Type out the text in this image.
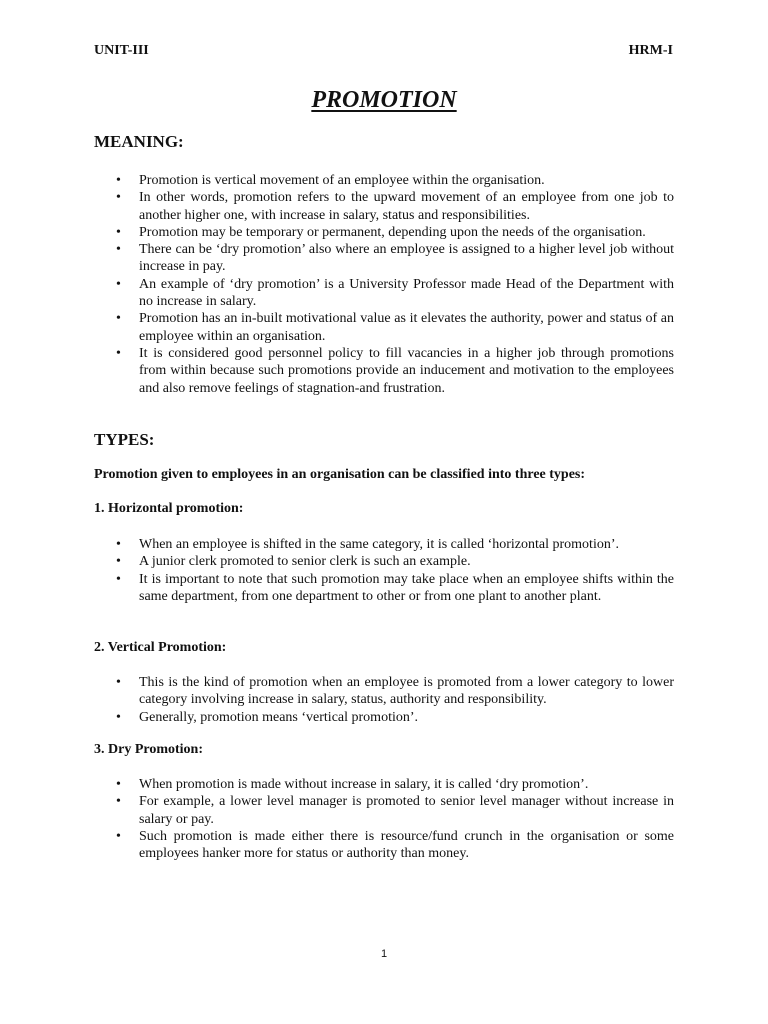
UNIT-III	HRM-I
PROMOTION
MEANING:
• Promotion is vertical movement of an employee within the organisation.
• In other words, promotion refers to the upward movement of an employee from one job to another higher one, with increase in salary, status and responsibilities.
• Promotion may be temporary or permanent, depending upon the needs of the organisation.
• There can be ‘dry promotion’ also where an employee is assigned to a higher level job without increase in pay.
• An example of ‘dry promotion’ is a University Professor made Head of the Department with no increase in salary.
• Promotion has an in-built motivational value as it elevates the authority, power and status of an employee within an organisation.
• It is considered good personnel policy to fill vacancies in a higher job through promotions from within because such promotions provide an inducement and motivation to the employees and also remove feelings of stagnation-and frustration.
TYPES:
Promotion given to employees in an organisation can be classified into three types:
1. Horizontal promotion:
• When an employee is shifted in the same category, it is called ‘horizontal promotion’.
• A junior clerk promoted to senior clerk is such an example.
• It is important to note that such promotion may take place when an employee shifts within the same department, from one department to other or from one plant to another plant.
2. Vertical Promotion:
• This is the kind of promotion when an employee is promoted from a lower category to lower category involving increase in salary, status, authority and responsibility.
• Generally, promotion means ‘vertical promotion’.
3. Dry Promotion:
• When promotion is made without increase in salary, it is called ‘dry promotion’.
• For example, a lower level manager is promoted to senior level manager without increase in salary or pay.
• Such promotion is made either there is resource/fund crunch in the organisation or some employees hanker more for status or authority than money.
1
